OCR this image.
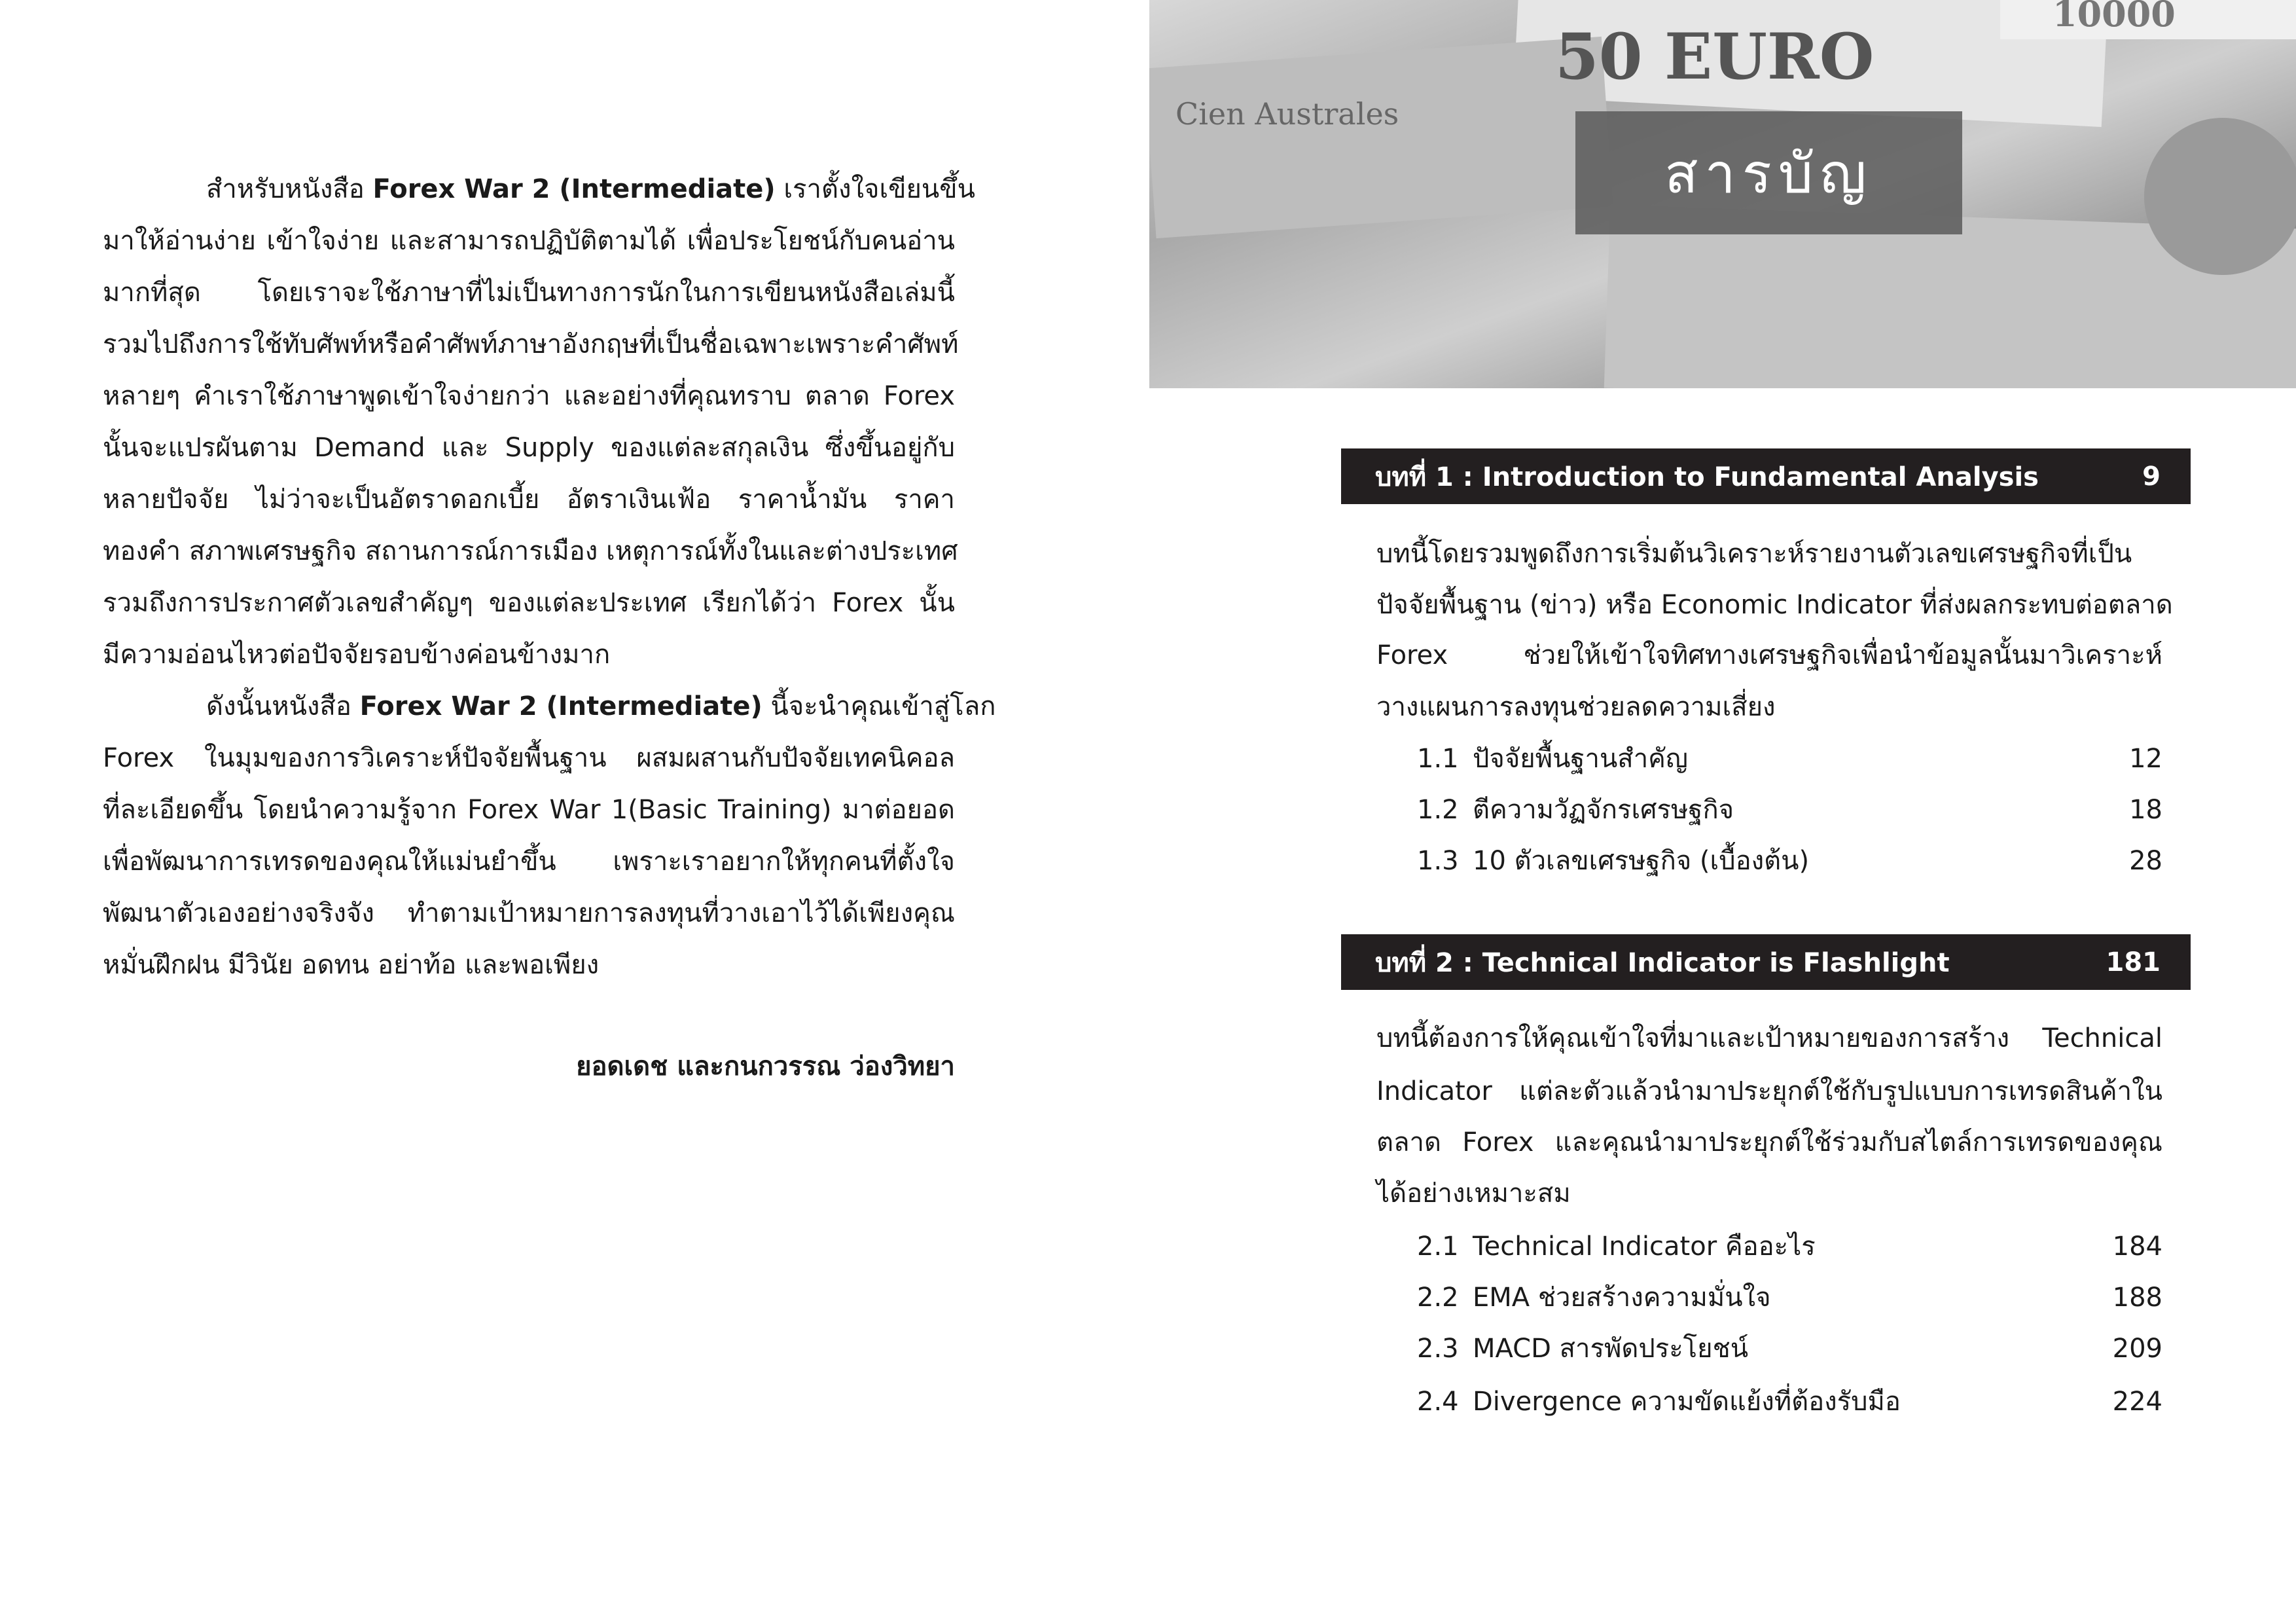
สำหรับหนังสือ Forex War 2 (Intermediate) เราตั้งใจเขียนขึ้น
มาให้อ่านง่าย เข้าใจง่าย และสามารถปฏิบัติตามได้ เพื่อประโยชน์กับคนอ่าน
มากที่สุด โดยเราจะใช้ภาษาที่ไม่เป็นทางการนักในการเขียนหนังสือเล่มนี้
รวมไปถึงการใช้ทับศัพท์หรือคำศัพท์ภาษาอังกฤษที่เป็นชื่อเฉพาะเพราะคำศัพท์
หลายๆ คำเราใช้ภาษาพูดเข้าใจง่ายกว่า และอย่างที่คุณทราบ ตลาด Forex
นั้นจะแปรผันตาม Demand และ Supply ของแต่ละสกุลเงิน ซึ่งขึ้นอยู่กับ
หลายปัจจัย ไม่ว่าจะเป็นอัตราดอกเบี้ย อัตราเงินเฟ้อ ราคาน้ำมัน ราคา
ทองคำ สภาพเศรษฐกิจ สถานการณ์การเมือง เหตุการณ์ทั้งในและต่างประเทศ
รวมถึงการประกาศตัวเลขสำคัญๆ ของแต่ละประเทศ เรียกได้ว่า Forex นั้น
มีความอ่อนไหวต่อปัจจัยรอบข้างค่อนข้างมาก
ดังนั้นหนังสือ Forex War 2 (Intermediate) นี้จะนำคุณเข้าสู่โลก
Forex ในมุมของการวิเคราะห์ปัจจัยพื้นฐาน ผสมผสานกับปัจจัยเทคนิคอล
ที่ละเอียดขึ้น โดยนำความรู้จาก Forex War 1(Basic Training) มาต่อยอด
เพื่อพัฒนาการเทรดของคุณให้แม่นยำขึ้น เพราะเราอยากให้ทุกคนที่ตั้งใจ
พัฒนาตัวเองอย่างจริงจัง ทำตามเป้าหมายการลงทุนที่วางเอาไว้ได้เพียงคุณ
หมั่นฝึกฝน มีวินัย อดทน อย่าท้อ และพอเพียง
ยอดเดช และกนกวรรณ ว่องวิทยา
50 EURO
Cien Australes
10000
สารบัญ
บทที่ 1 : Introduction to Fundamental Analysis	9
บทนี้โดยรวมพูดถึงการเริ่มต้นวิเคราะห์รายงานตัวเลขเศรษฐกิจที่เป็น
ปัจจัยพื้นฐาน (ข่าว) หรือ Economic Indicator ที่ส่งผลกระทบต่อตลาด
Forex ช่วยให้เข้าใจทิศทางเศรษฐกิจเพื่อนำข้อมูลนั้นมาวิเคราะห์
วางแผนการลงทุนช่วยลดความเสี่ยง
1.1 ปัจจัยพื้นฐานสำคัญ	12
1.2 ตีความวัฏจักรเศรษฐกิจ	18
1.3 10 ตัวเลขเศรษฐกิจ (เบื้องต้น)	28
บทที่ 2 : Technical Indicator is Flashlight	181
บทนี้ต้องการให้คุณเข้าใจที่มาและเป้าหมายของการสร้าง Technical
Indicator แต่ละตัวแล้วนำมาประยุกต์ใช้กับรูปแบบการเทรดสินค้าใน
ตลาด Forex และคุณนำมาประยุกต์ใช้ร่วมกับสไตล์การเทรดของคุณ
ได้อย่างเหมาะสม
2.1 Technical Indicator คืออะไร	184
2.2 EMA ช่วยสร้างความมั่นใจ	188
2.3 MACD สารพัดประโยชน์	209
2.4 Divergence ความขัดแย้งที่ต้องรับมือ	224
